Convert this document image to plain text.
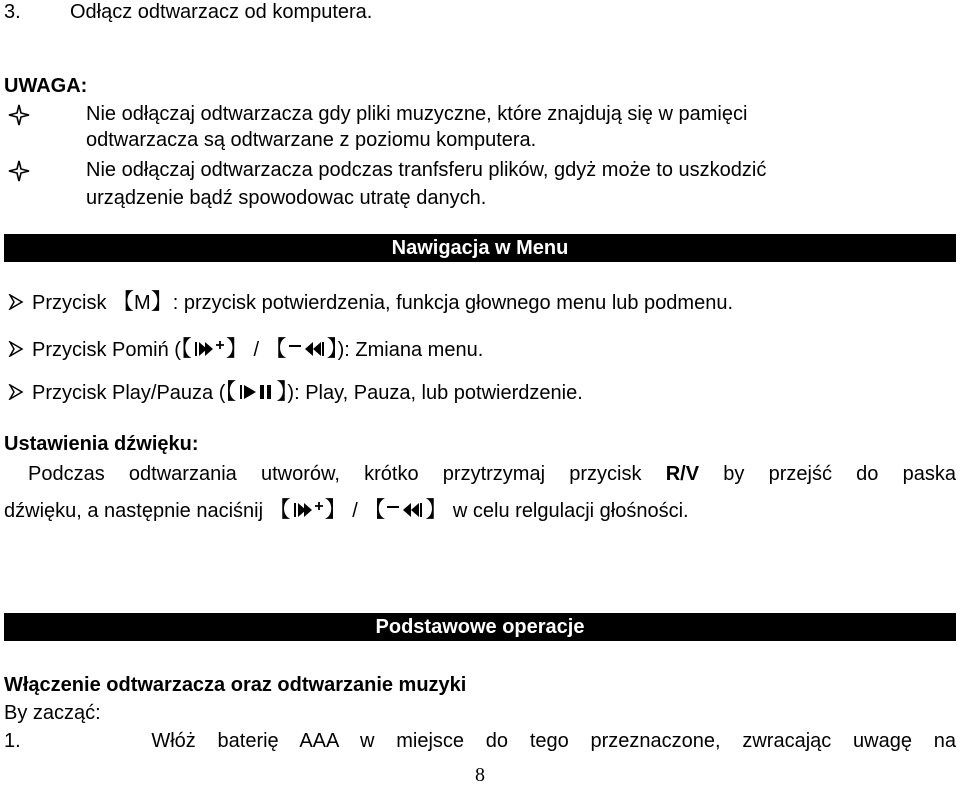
3. Odłącz odtwarzacz od komputera.
UWAGA:
Nie odłączaj odtwarzacza gdy pliki muzyczne, które znajdują się w pamięci
odtwarzacza są odtwarzane z poziomu komputera.
Nie odłączaj odtwarzacza podczas tranfsferu plików, gdyż może to uszkodzić
urządzenie bądź spowodowac utratę danych.
Nawigacja w Menu
Przycisk 【M】: przycisk potwierdzenia, funkcja głownego menu lub podmenu.
Przycisk Pomiń (【 】 / 【 】): Zmiana menu.
Przycisk Play/Pauza (【 】): Play, Pauza, lub potwierdzenie.
Ustawienia dźwięku:
Podczas odtwarzania utworów, krótko przytrzymaj przycisk R/V by przejść do paska
dźwięku, a następnie naciśnij 【 】 / 【 】 w celu relgulacji głośności.
Podstawowe operacje
Włączenie odtwarzacza oraz odtwarzanie muzyki
By zacząć:
1.	Włóż baterię AAA w miejsce do tego przeznaczone, zwracając uwagę na
8
